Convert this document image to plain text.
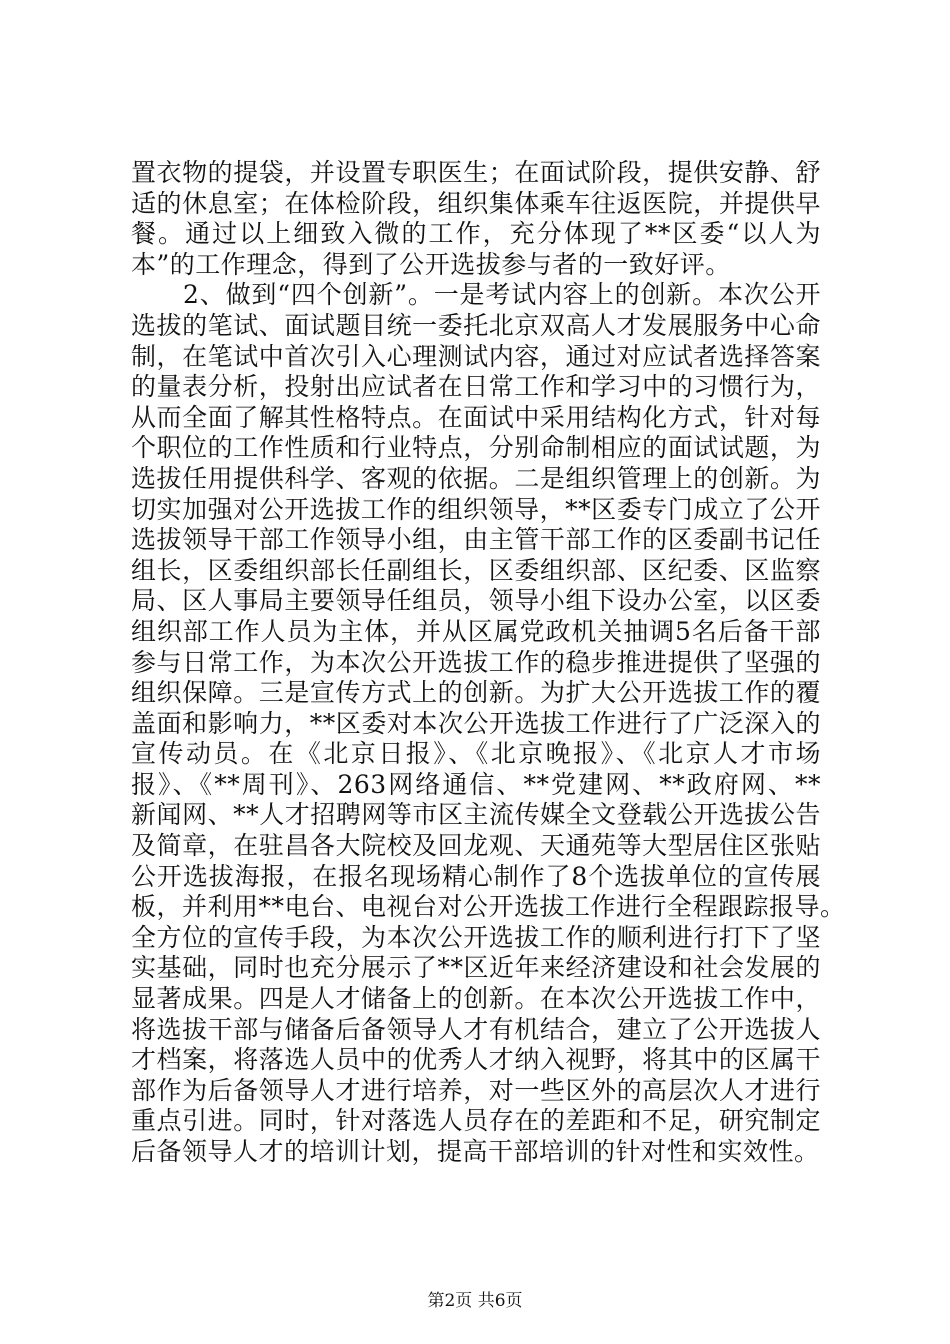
置衣物的提袋，并设置专职医生；在面试阶段，提供安静、舒
适的休息室；在体检阶段，组织集体乘车往返医院，并提供早
餐。通过以上细致入微的工作，充分体现了**区委“以人为
本”的工作理念，得到了公开选拔参与者的一致好评。
2、做到“四个创新”。一是考试内容上的创新。本次公开
选拔的笔试、面试题目统一委托北京双高人才发展服务中心命
制，在笔试中首次引入心理测试内容，通过对应试者选择答案
的量表分析，投射出应试者在日常工作和学习中的习惯行为，
从而全面了解其性格特点。在面试中采用结构化方式，针对每
个职位的工作性质和行业特点，分别命制相应的面试试题，为
选拔任用提供科学、客观的依据。二是组织管理上的创新。为
切实加强对公开选拔工作的组织领导，**区委专门成立了公开
选拔领导干部工作领导小组，由主管干部工作的区委副书记任
组长，区委组织部长任副组长，区委组织部、区纪委、区监察
局、区人事局主要领导任组员，领导小组下设办公室，以区委
组织部工作人员为主体，并从区属党政机关抽调5名后备干部
参与日常工作，为本次公开选拔工作的稳步推进提供了坚强的
组织保障。三是宣传方式上的创新。为扩大公开选拔工作的覆
盖面和影响力，**区委对本次公开选拔工作进行了广泛深入的
宣传动员。在《北京日报》、《北京晚报》、《北京人才市场
报》、《**周刊》、263网络通信、**党建网、**政府网、**
新闻网、**人才招聘网等市区主流传媒全文登载公开选拔公告
及简章，在驻昌各大院校及回龙观、天通苑等大型居住区张贴
公开选拔海报，在报名现场精心制作了8个选拔单位的宣传展
板，并利用**电台、电视台对公开选拔工作进行全程跟踪报导。
全方位的宣传手段，为本次公开选拔工作的顺利进行打下了坚
实基础，同时也充分展示了**区近年来经济建设和社会发展的
显著成果。四是人才储备上的创新。在本次公开选拔工作中，
将选拔干部与储备后备领导人才有机结合，建立了公开选拔人
才档案，将落选人员中的优秀人才纳入视野，将其中的区属干
部作为后备领导人才进行培养，对一些区外的高层次人才进行
重点引进。同时，针对落选人员存在的差距和不足，研究制定
后备领导人才的培训计划，提高干部培训的针对性和实效性。
第2页 共6页
